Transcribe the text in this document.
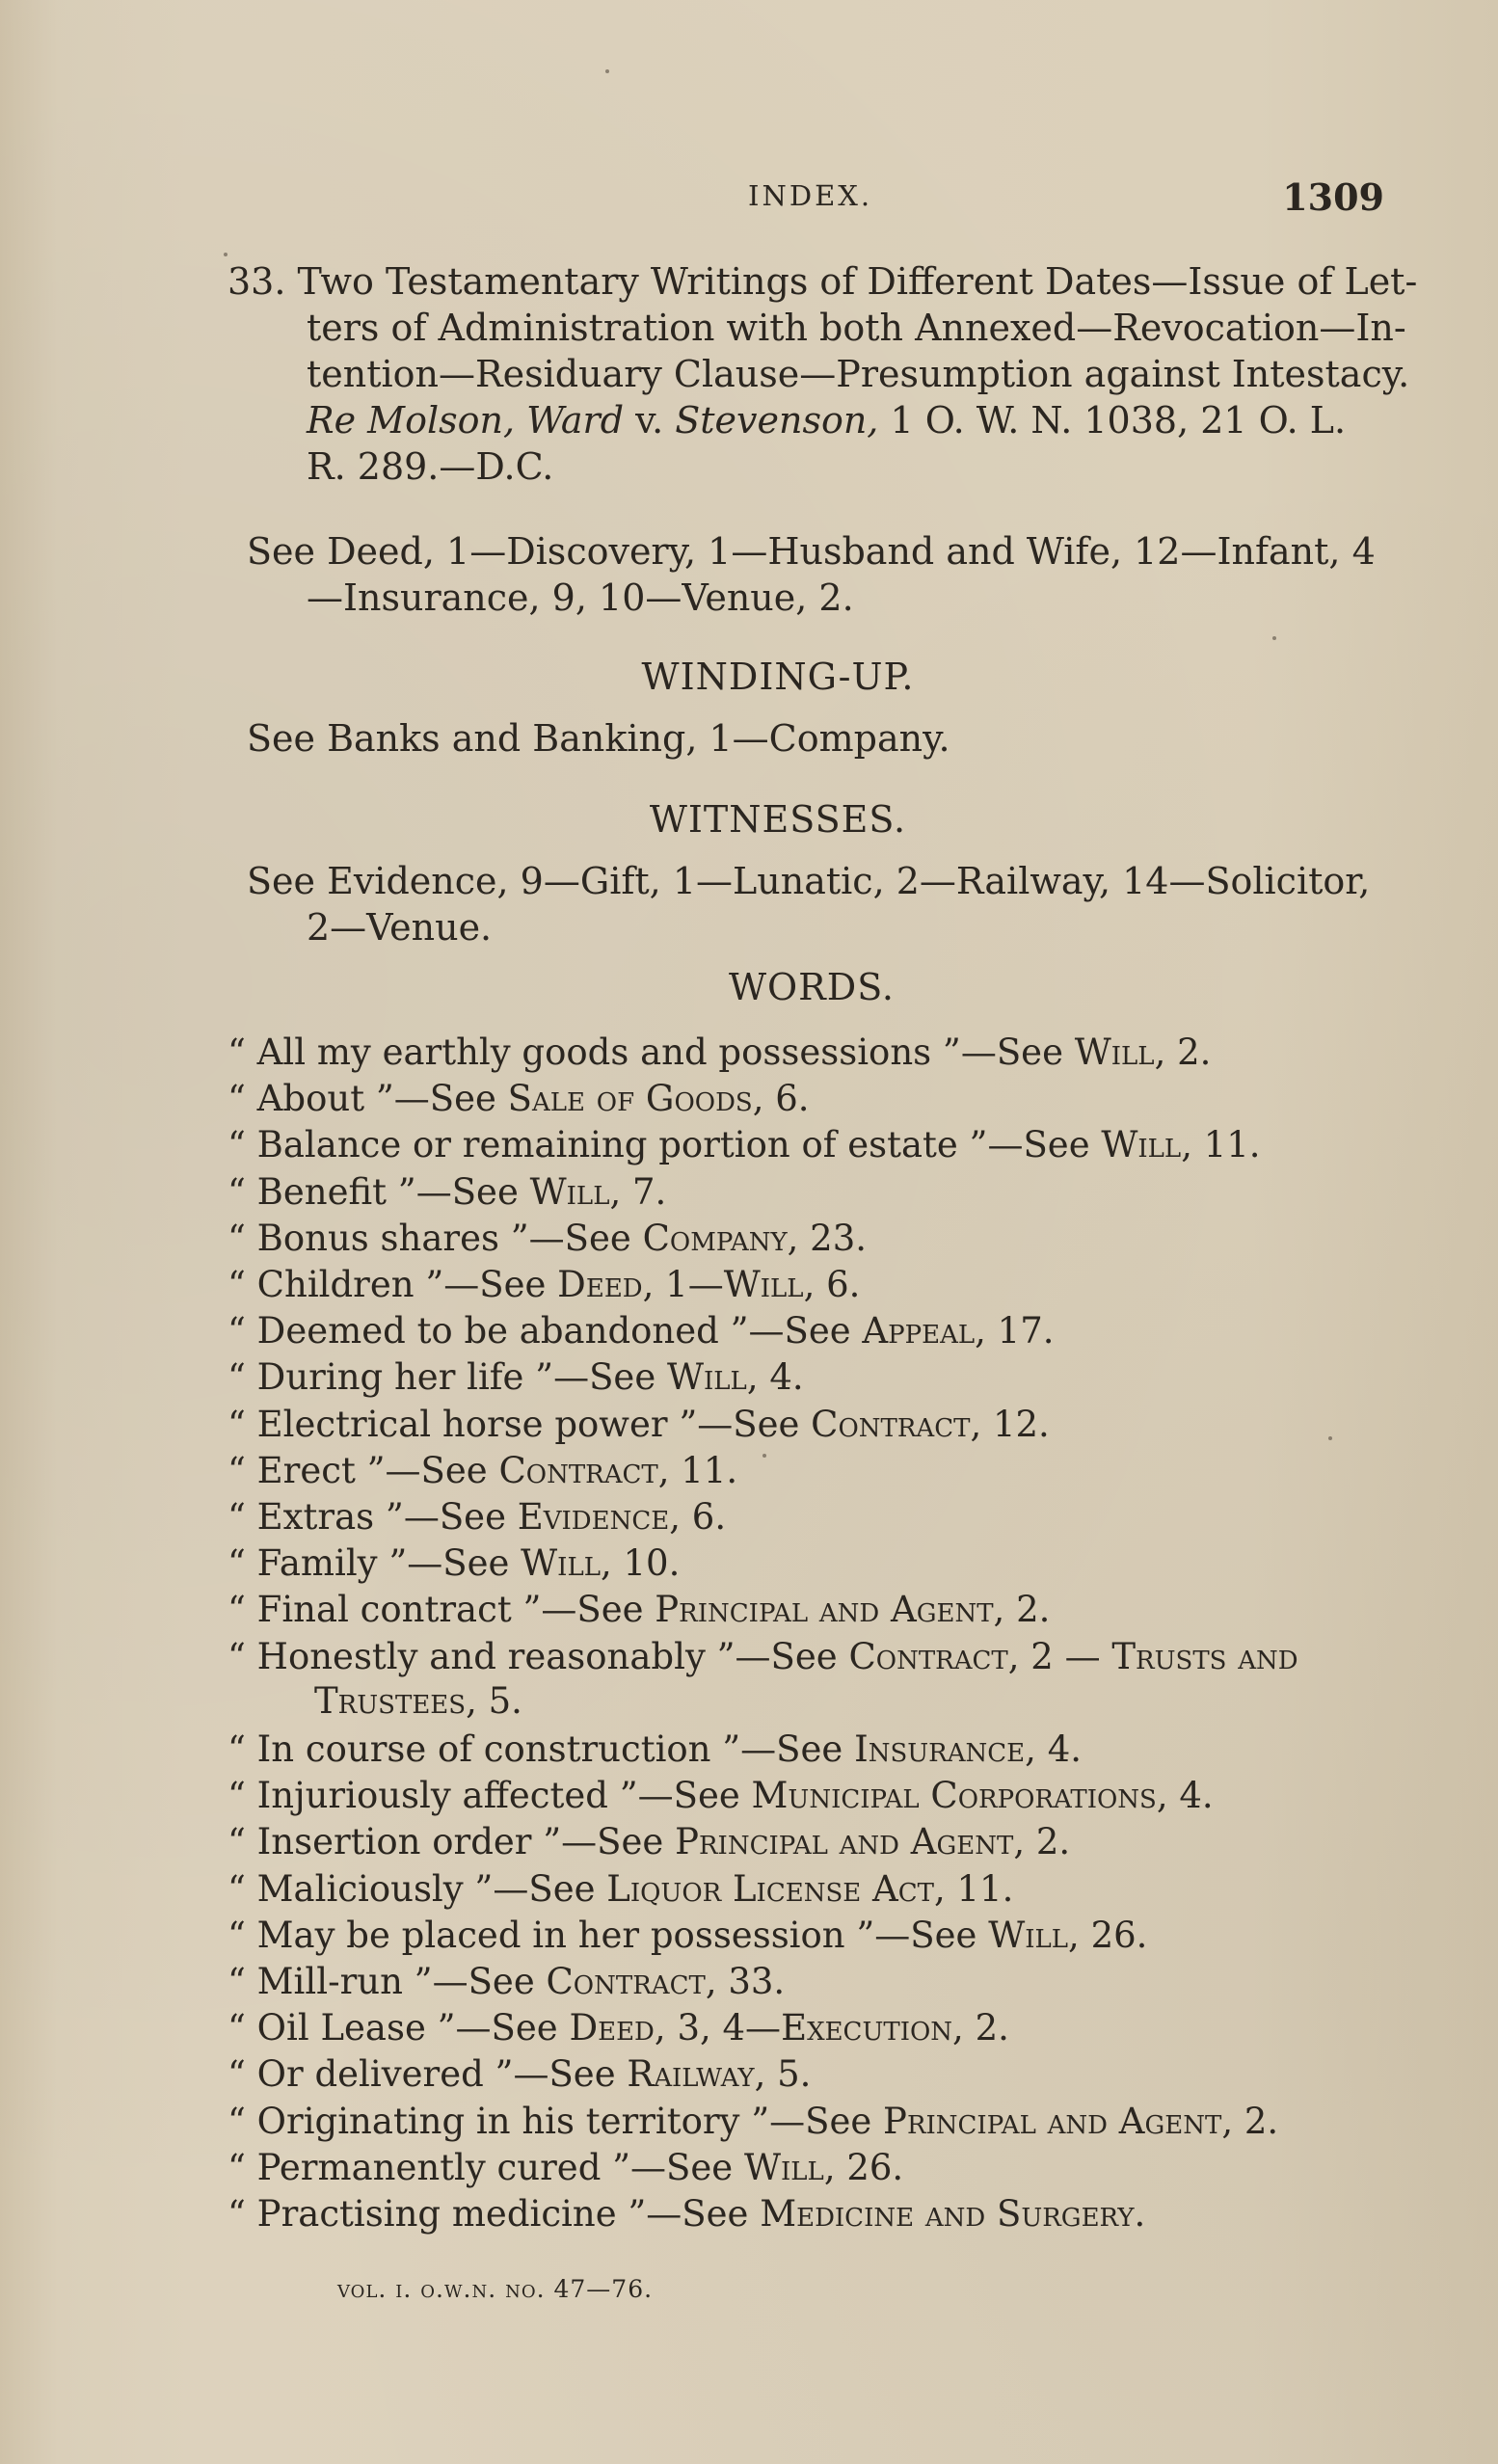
INDEX.	1309
33. Two Testamentary Writings of Different Dates—Issue of Let-
ters of Administration with both Annexed—Revocation—In-
tention—Residuary Clause—Presumption against Intestacy.
Re Molson, Ward v. Stevenson, 1 O. W. N. 1038, 21 O. L.
R. 289.—D.C.
See Deed, 1—Discovery, 1—Husband and Wife, 12—Infant, 4
—Insurance, 9, 10—Venue, 2.
WINDING-UP.
See Banks and Banking, 1—Company.
WITNESSES.
See Evidence, 9—Gift, 1—Lunatic, 2—Railway, 14—Solicitor,
2—Venue.
WORDS.
“ All my earthly goods and possessions ”—See Will, 2.
“ About ”—See Sale of Goods, 6.
“ Balance or remaining portion of estate ”—See Will, 11.
“ Benefit ”—See Will, 7.
“ Bonus shares ”—See Company, 23.
“ Children ”—See Deed, 1—Will, 6.
“ Deemed to be abandoned ”—See Appeal, 17.
“ During her life ”—See Will, 4.
“ Electrical horse power ”—See Contract, 12.
“ Erect ”—See Contract, 11.
“ Extras ”—See Evidence, 6.
“ Family ”—See Will, 10.
“ Final contract ”—See Principal and Agent, 2.
“ Honestly and reasonably ”—See Contract, 2 — Trusts and
Trustees, 5.
“ In course of construction ”—See Insurance, 4.
“ Injuriously affected ”—See Municipal Corporations, 4.
“ Insertion order ”—See Principal and Agent, 2.
“ Maliciously ”—See Liquor License Act, 11.
“ May be placed in her possession ”—See Will, 26.
“ Mill-run ”—See Contract, 33.
“ Oil Lease ”—See Deed, 3, 4—Execution, 2.
“ Or delivered ”—See Railway, 5.
“ Originating in his territory ”—See Principal and Agent, 2.
“ Permanently cured ”—See Will, 26.
“ Practising medicine ”—See Medicine and Surgery.
vol. i. o.w.n. no. 47—76.
